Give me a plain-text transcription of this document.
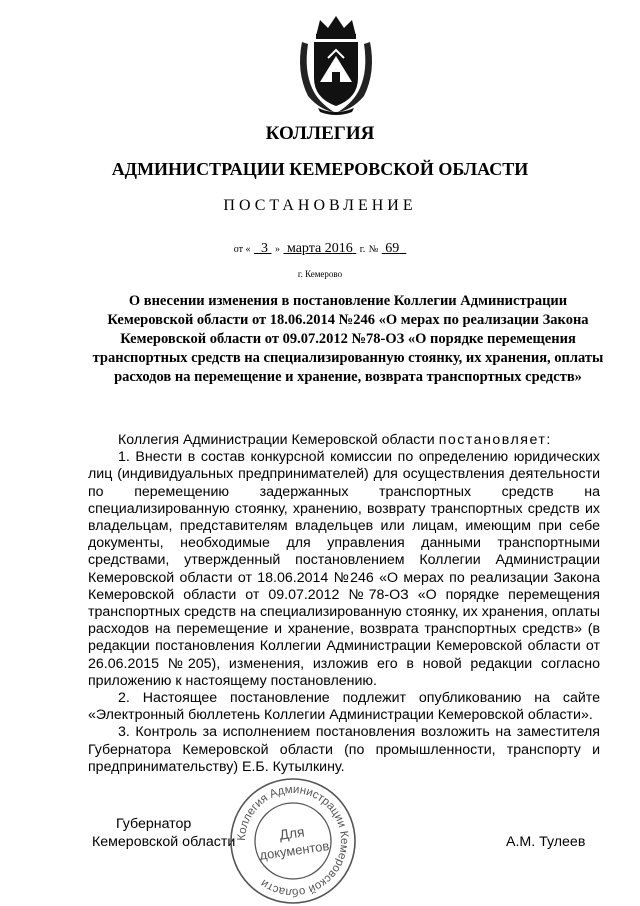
КОЛЛЕГИЯ
АДМИНИСТРАЦИИ КЕМЕРОВСКОЙ ОБЛАСТИ
ПОСТАНОВЛЕНИЕ
от « 3 » марта 2016 г. № 69
г. Кемерово
О внесении изменения в постановление Коллегии Администрации Кемеровской области от 18.06.2014 №246 «О мерах по реализации Закона Кемеровской области от 09.07.2012 №78-ОЗ «О порядке перемещения транспортных средств на специализированную стоянку, их хранения, оплаты расходов на перемещение и хранение, возврата транспортных средств»

Коллегия Администрации Кемеровской области постановляет:

1. Внести в состав конкурсной комиссии по определению юридических лиц (индивидуальных предпринимателей) для осуществления деятельности по перемещению задержанных транспортных средств на специализированную стоянку, хранению, возврату транспортных средств их владельцам, представителям владельцев или лицам, имеющим при себе документы, необходимые для управления данными транспортными средствами, утвержденный постановлением Коллегии Администрации Кемеровской области от 18.06.2014 №246 «О мерах по реализации Закона Кемеровской области от 09.07.2012 №78-ОЗ «О порядке перемещения транспортных средств на специализированную стоянку, их хранения, оплаты расходов на перемещение и хранение, возврата транспортных средств» (в редакции постановления Коллегии Администрации Кемеровской области от 26.06.2015 №205), изменения, изложив его в новой редакции согласно приложению к настоящему постановлению.

2. Настоящее постановление подлежит опубликованию на сайте «Электронный бюллетень Коллегии Администрации Кемеровской области».

3. Контроль за исполнением постановления возложить на заместителя Губернатора Кемеровской области (по промышленности, транспорту и предпринимательству) Е.Б. Кутылкину.

Губернатор
Кемеровской области Коллегия Администрации Кемеровской области
Для
документов	А.М. Тулеев
